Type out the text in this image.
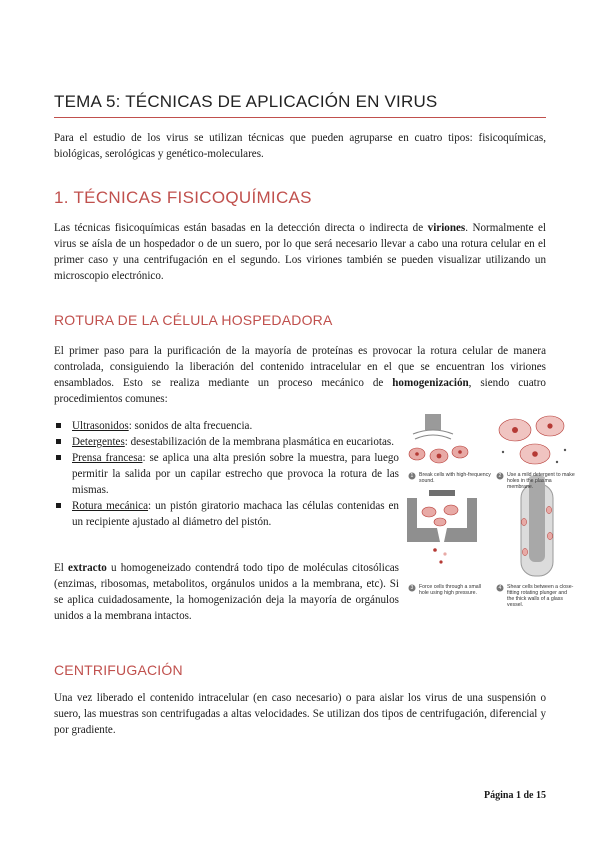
TEMA 5: TÉCNICAS DE APLICACIÓN EN VIRUS

Para el estudio de los virus se utilizan técnicas que pueden agruparse en cuatro tipos: fisicoquímicas, biológicas, serológicas y genético-moleculares.

1. TÉCNICAS FISICOQUÍMICAS

Las técnicas fisicoquímicas están basadas en la detección directa o indirecta de viriones. Normalmente el virus se aísla de un hospedador o de un suero, por lo que será necesario llevar a cabo una rotura celular en el primer caso y una centrifugación en el segundo. Los viriones también se pueden visualizar utilizando un microscopio electrónico.

ROTURA DE LA CÉLULA HOSPEDADORA

El primer paso para la purificación de la mayoría de proteínas es provocar la rotura celular de manera controlada, consiguiendo la liberación del contenido intracelular en el que se encuentran los viriones ensamblados. Esto se realiza mediante un proceso mecánico de homogenización, siendo cuatro procedimientos comunes:

Ultrasonidos: sonidos de alta frecuencia.
Detergentes: desestabilización de la membrana plasmática en eucariotas.
Prensa francesa: se aplica una alta presión sobre la muestra, para luego permitir la salida por un capilar estrecho que provoca la rotura de las mismas.
Rotura mecánica: un pistón giratorio machaca las células contenidas en un recipiente ajustado al diámetro del pistón.

El extracto u homogeneizado contendrá todo tipo de moléculas citosólicas (enzimas, ribosomas, metabolitos, orgánulos unidos a la membrana, etc). Si se aplica cuidadosamente, la homogenización deja la mayoría de orgánulos unidos a la membrana intactos.

1 Break cells with high-frequency sound.
2 Use a mild detergent to make holes in the plasma membrane.
3 Force cells through a small hole using high pressure.
4 Shear cells between a close-fitting rotating plunger and the thick walls of a glass vessel.
CENTRIFUGACIÓN

Una vez liberado el contenido intracelular (en caso necesario) o para aislar los virus de una suspensión o suero, las muestras son centrifugadas a altas velocidades. Se utilizan dos tipos de centrifugación, diferencial y por gradiente.

Página 1 de 15
